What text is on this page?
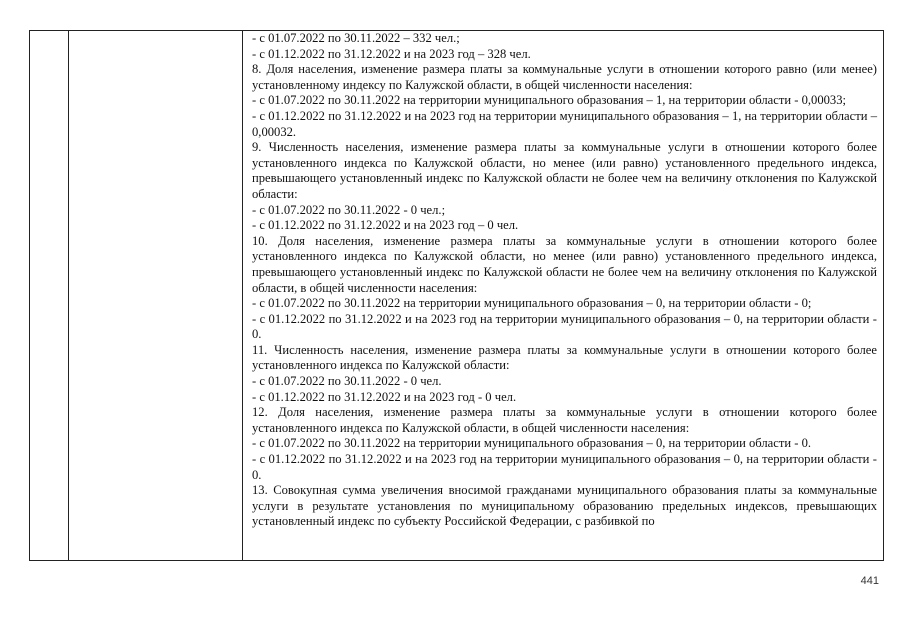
- с 01.07.2022 по 30.11.2022 – 332 чел.;

- с 01.12.2022 по 31.12.2022 и на 2023 год – 328 чел.

8. Доля населения, изменение размера платы за коммунальные услуги в отношении которого равно (или менее) установленному индексу по Калужской области, в общей численности населения:

- с 01.07.2022 по 30.11.2022 на территории муниципального образования – 1, на территории области - 0,00033;

- с 01.12.2022 по 31.12.2022 и на 2023 год на территории муниципального образования – 1, на территории области – 0,00032.

9. Численность населения, изменение размера платы за коммунальные услуги в отношении которого более установленного индекса по Калужской области, но менее (или равно) установленного предельного индекса, превышающего установленный индекс по Калужской области не более чем на величину отклонения по Калужской области:

- с 01.07.2022 по 30.11.2022 - 0 чел.;

- с 01.12.2022 по 31.12.2022 и на 2023 год – 0 чел.

10. Доля населения, изменение размера платы за коммунальные услуги в отношении которого более установленного индекса по Калужской области, но менее (или равно) установленного предельного индекса, превышающего установленный индекс по Калужской области не более чем на величину отклонения по Калужской области, в общей численности населения:

- с 01.07.2022 по 30.11.2022 на территории муниципального образования – 0, на территории области - 0;

- с 01.12.2022 по 31.12.2022 и на 2023 год на территории муниципального образования – 0, на территории области - 0.

11. Численность населения, изменение размера платы за коммунальные услуги в отношении которого более установленного индекса по Калужской области:

- с 01.07.2022 по 30.11.2022 - 0 чел.

- с 01.12.2022 по 31.12.2022 и на 2023 год - 0 чел.

12. Доля населения, изменение размера платы за коммунальные услуги в отношении которого более установленного индекса по Калужской области, в общей численности населения:

- с 01.07.2022 по 30.11.2022 на территории муниципального образования – 0, на территории области - 0.

- с 01.12.2022 по 31.12.2022 и на 2023 год на территории муниципального образования – 0, на территории области - 0.

13. Совокупная сумма увеличения вносимой гражданами муниципального образования платы за коммунальные услуги в результате установления по муниципальному образованию предельных индексов, превышающих установленный индекс по субъекту Российской Федерации, с разбивкой по

441
